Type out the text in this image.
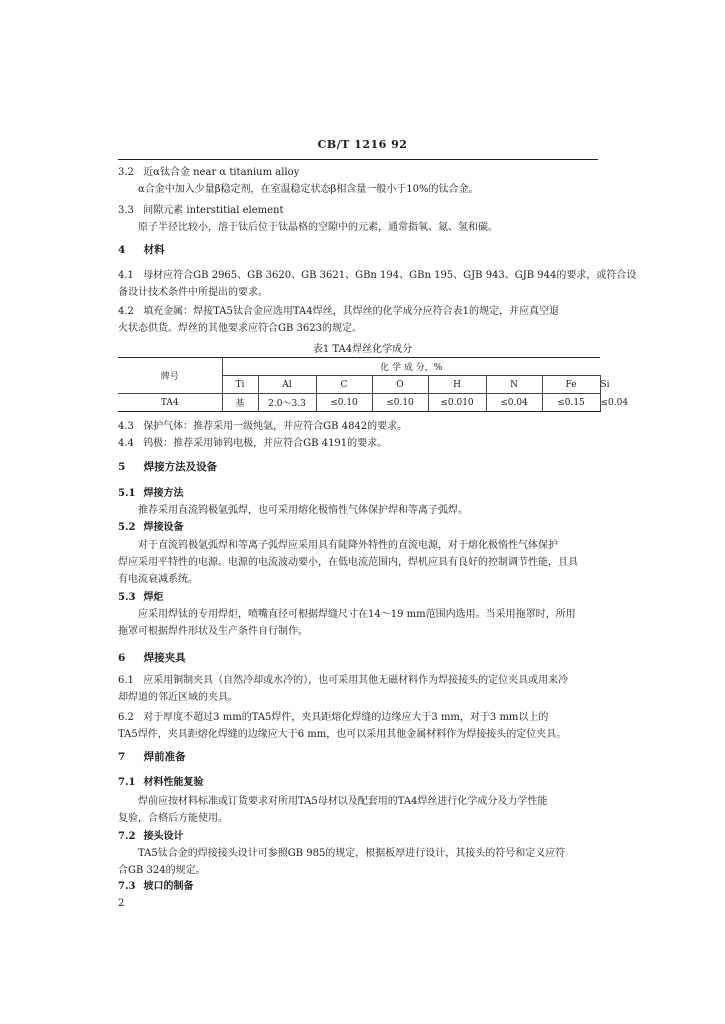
CB/T 1216 92
3.2 近α钛合金 near α titanium alloy
α合金中加入少量β稳定剂，在室温稳定状态β相含量一般小于10%的钛合金。
3.3 间隙元素 interstitial element
原子半径比较小，溶于钛后位于钛晶格的空隙中的元素，通常指氧、氮、氢和碳。
4 材料
4.1 母材应符合GB 2965、GB 3620、GB 3621、GBn 194、GBn 195、GJB 943、GJB 944的要求，或符合设
备设计技术条件中所提出的要求。
4.2 填充金属：焊接TA5钛合金应选用TA4焊丝，其焊丝的化学成分应符合表1的规定，并应真空退
火状态供货。焊丝的其他要求应符合GB 3623的规定。
表1 TA4焊丝化学成分
牌号	化 学 成 分，%							
	Ti	Al	C	O	H	N	Fe	Si
TA4	基	2.0～3.3	≤0.10	≤0.10	≤0.010	≤0.04	≤0.15	≤0.04
4.3 保护气体：推荐采用一级纯氩，并应符合GB 4842的要求。
4.4 钨极：推荐采用铈钨电极，并应符合GB 4191的要求。
5 焊接方法及设备
5.1 焊接方法
推荐采用直流钨极氩弧焊，也可采用熔化极惰性气体保护焊和等离子弧焊。
5.2 焊接设备
对于直流钨极氩弧焊和等离子弧焊应采用具有陡降外特性的直流电源，对于熔化极惰性气体保护
焊应采用平特性的电源。电源的电流波动要小，在低电流范围内，焊机应具有良好的控制调节性能，且具
有电流衰减系统。
5.3 焊炬
应采用焊钛的专用焊炬，喷嘴直径可根据焊缝尺寸在14～19 mm范围内选用。当采用拖罩时，所用
拖罩可根据焊件形状及生产条件自行制作。
6 焊接夹具
6.1 应采用铜制夹具（自然冷却或水冷的），也可采用其他无磁材料作为焊接接头的定位夹具或用来冷
却焊道的邻近区域的夹具。
6.2 对于厚度不超过3 mm的TA5焊件，夹具距熔化焊缝的边缘应大于3 mm，对于3 mm以上的
TA5焊件，夹具距熔化焊缝的边缘应大于6 mm，也可以采用其他金属材料作为焊接接头的定位夹具。
7 焊前准备
7.1 材料性能复验
焊前应按材料标准或订货要求对所用TA5母材以及配套用的TA4焊丝进行化学成分及力学性能
复验，合格后方能使用。
7.2 接头设计
TA5钛合金的焊接接头设计可参照GB 985的规定，根据板厚进行设计，其接头的符号和定义应符
合GB 324的规定。
7.3 坡口的制备
2
